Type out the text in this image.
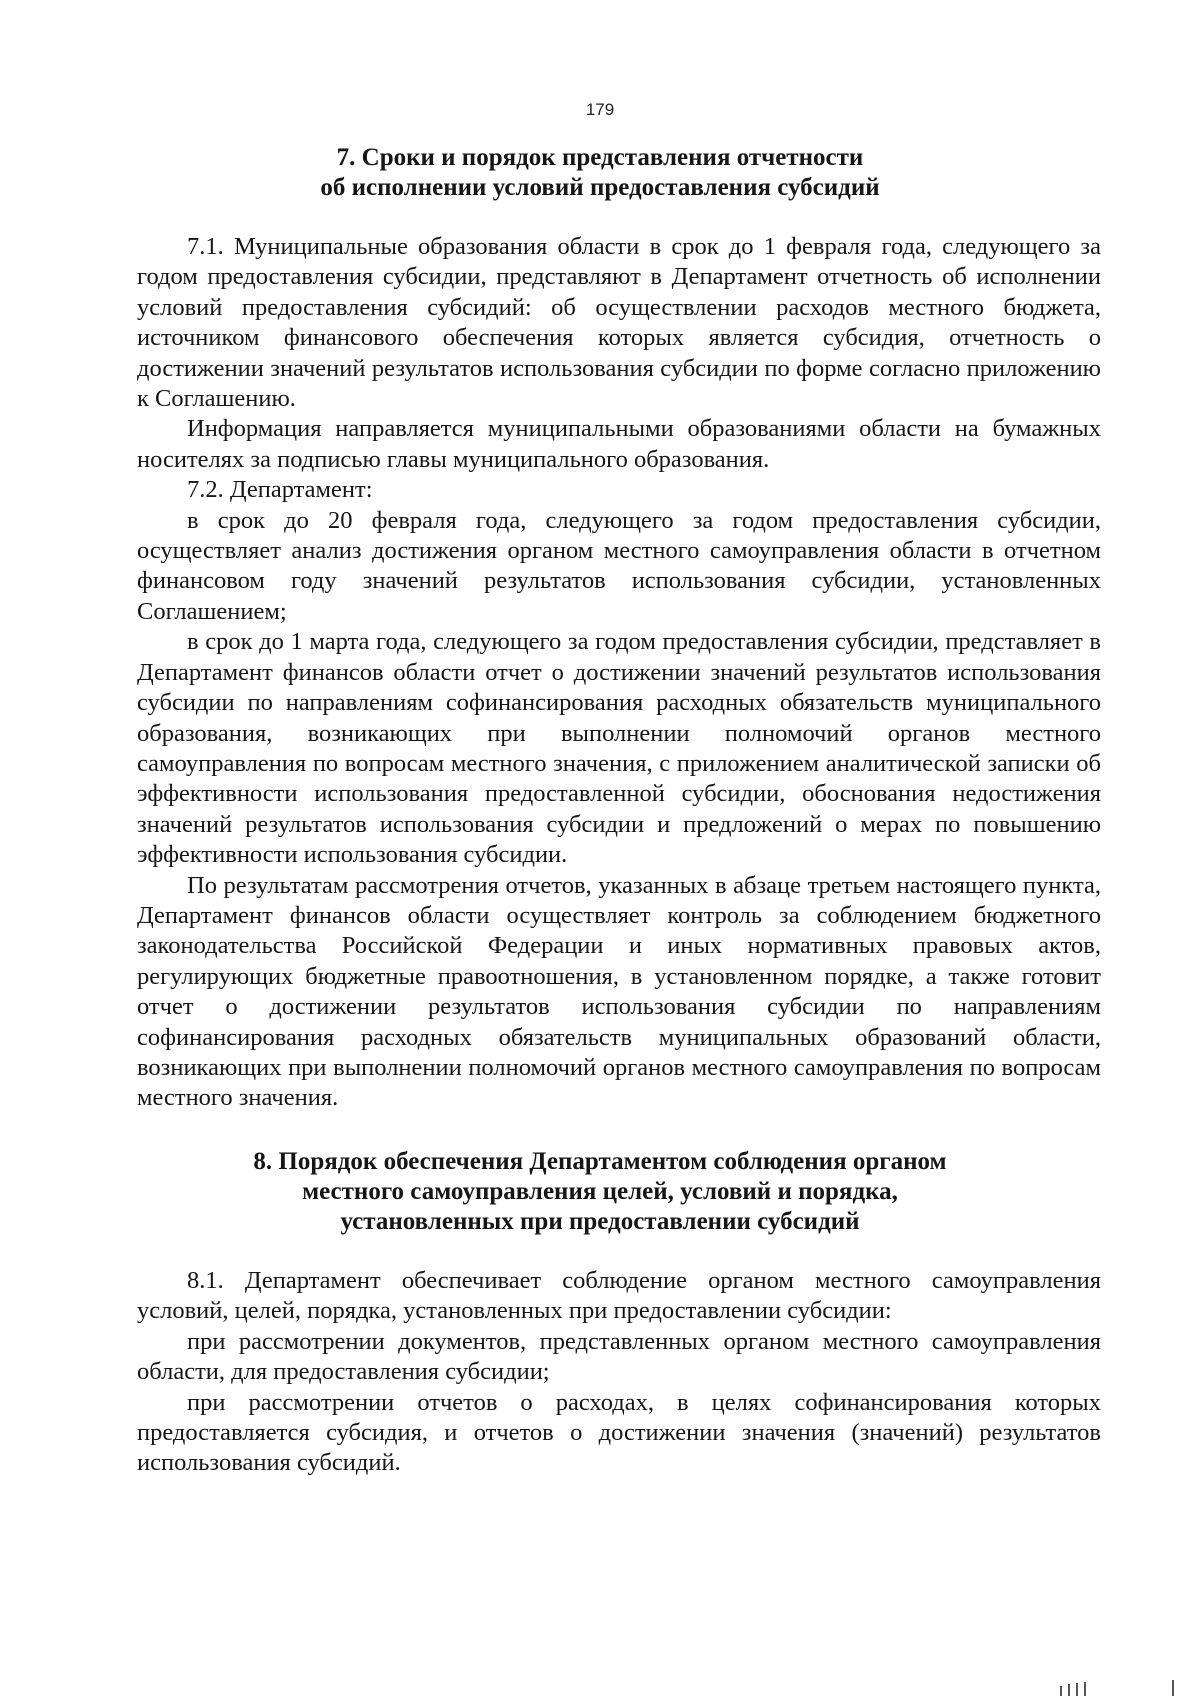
179
7. Сроки и порядок представления отчетности
об исполнении условий предоставления субсидий

7.1. Муниципальные образования области в срок до 1 февраля года, следующего за годом предоставления субсидии, представляют в Департамент отчетность об исполнении условий предоставления субсидий: об осуществлении расходов местного бюджета, источником финансового обеспечения которых является субсидия, отчетность о достижении значений результатов использования субсидии по форме согласно приложению к Соглашению.

Информация направляется муниципальными образованиями области на бумажных носителях за подписью главы муниципального образования.

7.2. Департамент:

в срок до 20 февраля года, следующего за годом предоставления субсидии, осуществляет анализ достижения органом местного самоуправления области в отчетном финансовом году значений результатов использования субсидии, установленных Соглашением;

в срок до 1 марта года, следующего за годом предоставления субсидии, представляет в Департамент финансов области отчет о достижении значений результатов использования субсидии по направлениям софинансирования расходных обязательств муниципального образования, возникающих при выполнении полномочий органов местного самоуправления по вопросам местного значения, с приложением аналитической записки об эффективности использования предоставленной субсидии, обоснования недостижения значений результатов использования субсидии и предложений о мерах по повышению эффективности использования субсидии.

По результатам рассмотрения отчетов, указанных в абзаце третьем настоящего пункта, Департамент финансов области осуществляет контроль за соблюдением бюджетного законодательства Российской Федерации и иных нормативных правовых актов, регулирующих бюджетные правоотношения, в установленном порядке, а также готовит отчет о достижении результатов использования субсидии по направлениям софинансирования расходных обязательств муниципальных образований области, возникающих при выполнении полномочий органов местного самоуправления по вопросам местного значения.

8. Порядок обеспечения Департаментом соблюдения органом
местного самоуправления целей, условий и порядка,
установленных при предоставлении субсидий

8.1. Департамент обеспечивает соблюдение органом местного самоуправления условий, целей, порядка, установленных при предоставлении субсидии:

при рассмотрении документов, представленных органом местного самоуправления области, для предоставления субсидии;

при рассмотрении отчетов о расходах, в целях софинансирования которых предоставляется субсидия, и отчетов о достижении значения (значений) результатов использования субсидий.
